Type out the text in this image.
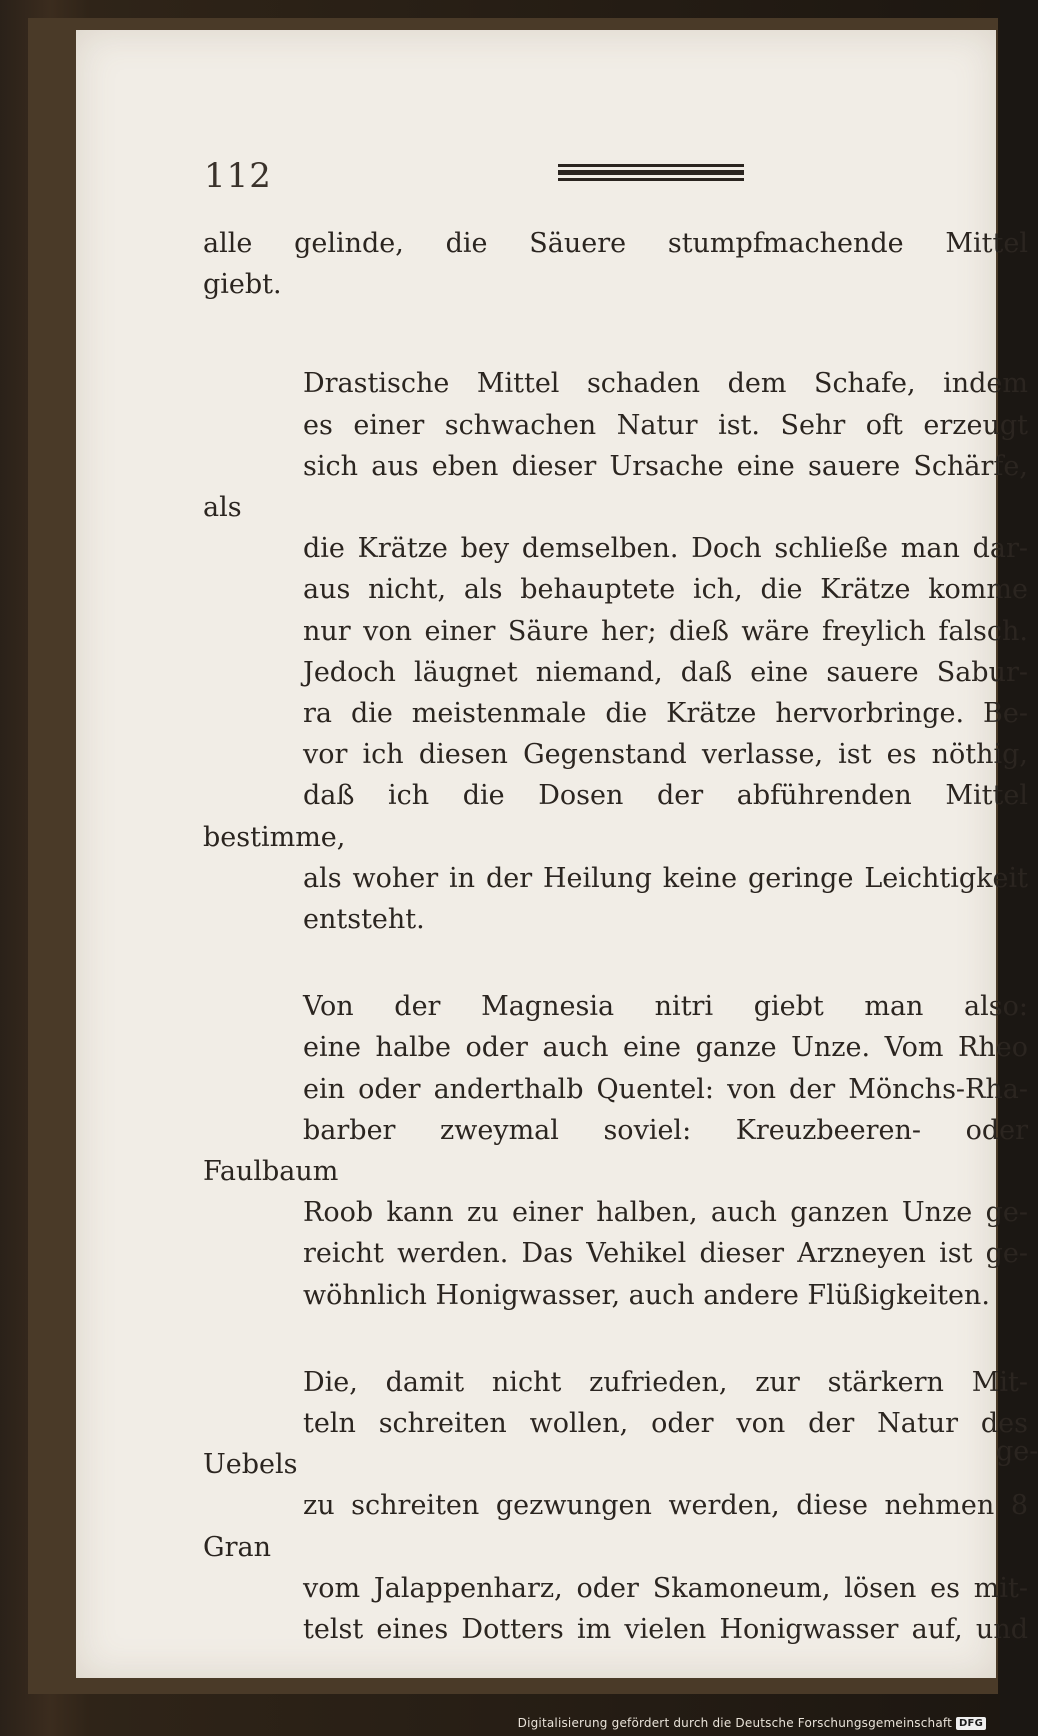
112

alle gelinde, die Säuere stumpfmachende Mittel
giebt.

Drastische Mittel schaden dem Schafe, indem
es einer schwachen Natur ist. Sehr oft erzeugt
sich aus eben dieser Ursache eine sauere Schärfe, als
die Krätze bey demselben. Doch schließe man dar-
aus nicht, als behauptete ich, die Krätze komme
nur von einer Säure her; dieß wäre freylich falsch.
Jedoch läugnet niemand, daß eine sauere Sabur-
ra die meistenmale die Krätze hervorbringe. Be-
vor ich diesen Gegenstand verlasse, ist es nöthig,
daß ich die Dosen der abführenden Mittel bestimme,
als woher in der Heilung keine geringe Leichtigkeit
entsteht.

Von der Magnesia nitri giebt man also:
eine halbe oder auch eine ganze Unze. Vom Rheo
ein oder anderthalb Quentel: von der Mönchs-Rha-
barber zweymal soviel: Kreuzbeeren- oder Faulbaum
Roob kann zu einer halben, auch ganzen Unze ge-
reicht werden. Das Vehikel dieser Arzneyen ist ge-
wöhnlich Honigwasser, auch andere Flüßigkeiten.

Die, damit nicht zufrieden, zur stärkern Mit-
teln schreiten wollen, oder von der Natur des Uebels
zu schreiten gezwungen werden, diese nehmen 8 Gran
vom Jalappenharz, oder Skamoneum, lösen es mit-
telst eines Dotters im vielen Honigwasser auf, und

ge-
Digitalisierung gefördert durch die Deutsche Forschungsgemeinschaft DFG
